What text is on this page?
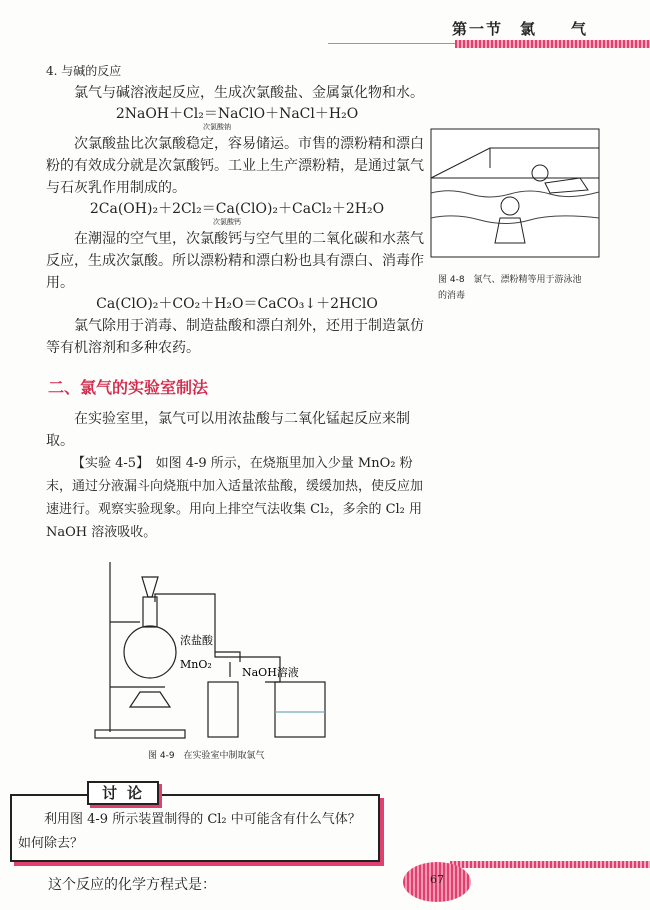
第一节　氯　　气
4. 与碱的反应
氯气与碱溶液起反应，生成次氯酸盐、金属氯化物和水。
2NaOH＋Cl₂＝NaClO＋NaCl＋H₂O
次氯酸钠
次氯酸盐比次氯酸稳定，容易储运。市售的漂粉精和漂白粉的有效成分就是次氯酸钙。工业上生产漂粉精，是通过氯气与石灰乳作用制成的。
2Ca(OH)₂＋2Cl₂＝Ca(ClO)₂＋CaCl₂＋2H₂O
次氯酸钙
在潮湿的空气里，次氯酸钙与空气里的二氧化碳和水蒸气反应，生成次氯酸。所以漂粉精和漂白粉也具有漂白、消毒作用。
Ca(ClO)₂＋CO₂＋H₂O＝CaCO₃↓＋2HClO
氯气除用于消毒、制造盐酸和漂白剂外，还用于制造氯仿等有机溶剂和多种农药。
二、氯气的实验室制法
在实验室里，氯气可以用浓盐酸与二氧化锰起反应来制取。
【实验 4-5】　如图 4-9 所示，在烧瓶里加入少量 MnO₂ 粉末，通过分液漏斗向烧瓶中加入适量浓盐酸，缓缓加热，使反应加速进行。观察实验现象。用向上排空气法收集 Cl₂，多余的 Cl₂ 用 NaOH 溶液吸收。
浓盐酸
MnO₂
NaOH溶液
图 4-9　在实验室中制取氯气
利用图 4-9 所示装置制得的 Cl₂ 中可能含有什么气体？如何除去？
讨论
这个反应的化学方程式是：
图 4-8　氯气、漂粉精等用于游泳池的消毒
67
